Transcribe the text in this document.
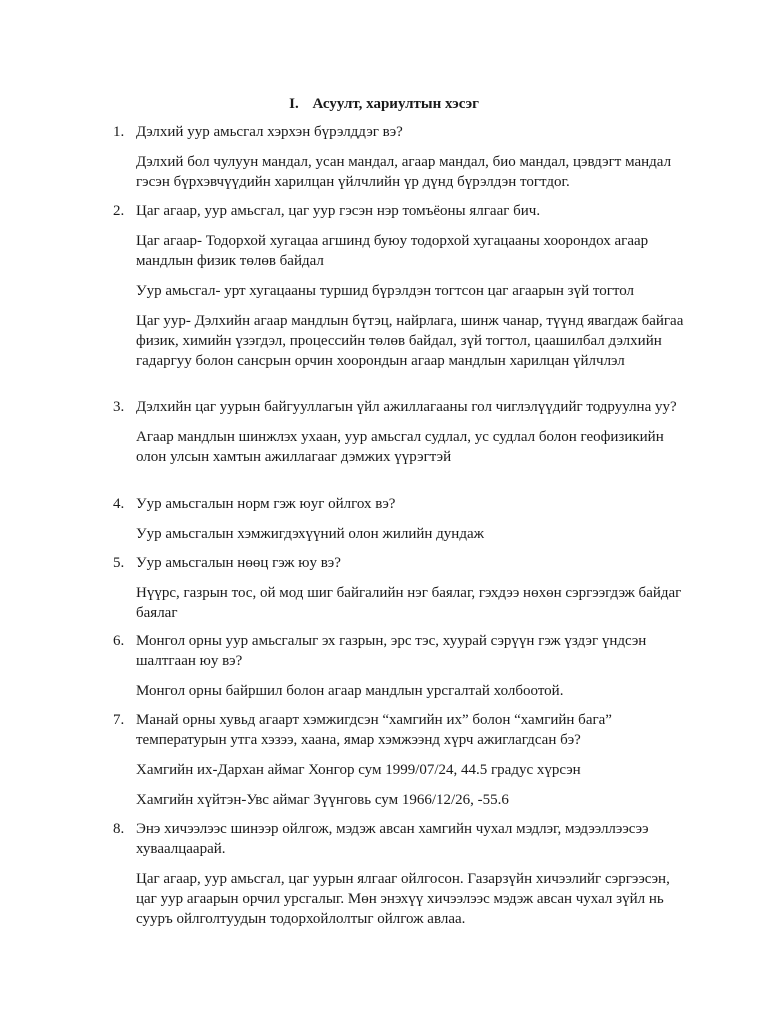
I. Асуулт, хариултын хэсэг
1. Дэлхий уур амьсгал хэрхэн бүрэлддэг вэ?
Дэлхий бол чулуун мандал, усан мандал, агаар мандал, био мандал, цэвдэгт мандал гэсэн бүрхэвчүүдийн харилцан үйлчлийн үр дүнд бүрэлдэн тогтдог.
2. Цаг агаар, уур амьсгал, цаг уур гэсэн нэр томъёоны ялгааг бич.
Цаг агаар- Тодорхой хугацаа агшинд буюу тодорхой хугацааны хоорондох агаар мандлын физик төлөв байдал
Уур амьсгал- урт хугацааны туршид бүрэлдэн тогтсон цаг агаарын зүй тогтол
Цаг уур- Дэлхийн агаар мандлын бүтэц, найрлага, шинж чанар, түүнд явагдаж байгаа физик, химийн үзэгдэл, процессийн төлөв байдал, зүй тогтол, цаашилбал дэлхийн гадаргуу болон сансрын орчин хоорондын агаар мандлын харилцан үйлчлэл
3. Дэлхийн цаг уурын байгууллагын үйл ажиллагааны гол чиглэлүүдийг тодруулна уу?
Агаар мандлын шинжлэх ухаан, уур амьсгал судлал, ус судлал болон геофизикийн олон улсын хамтын ажиллагааг дэмжих үүрэгтэй
4. Уур амьсгалын норм гэж юуг ойлгох вэ?
Уур амьсгалын хэмжигдэхүүний олон жилийн дундаж
5. Уур амьсгалын нөөц гэж юу вэ?
Нүүрс, газрын тос, ой мод шиг байгалийн нэг баялаг, гэхдээ нөхөн сэргээгдэж байдаг баялаг
6. Монгол орны уур амьсгалыг эх газрын, эрс тэс, хуурай сэрүүн гэж үздэг үндсэн шалтгаан юу вэ?
Монгол орны байршил болон агаар мандлын урсгалтай холбоотой.
7. Манай орны хувьд агаарт хэмжигдсэн “хамгийн их” болон “хамгийн бага” температурын утга хэзээ, хаана, ямар хэмжээнд хүрч ажиглагдсан бэ?
Хамгийн их-Дархан аймаг Хонгор сум 1999/07/24, 44.5 градус хүрсэн
Хамгийн хүйтэн-Увс аймаг Зүүнговь сум 1966/12/26, -55.6
8. Энэ хичээлээс шинээр ойлгож, мэдэж авсан хамгийн чухал мэдлэг, мэдээллээсээ хуваалцаарай.
Цаг агаар, уур амьсгал, цаг уурын ялгааг ойлгосон. Газарзүйн хичээлийг сэргээсэн, цаг уур агаарын орчил урсгалыг. Мөн энэхүү хичээлээс мэдэж авсан чухал зүйл нь сууръ ойлголтуудын тодорхойлолтыг ойлгож авлаа.
